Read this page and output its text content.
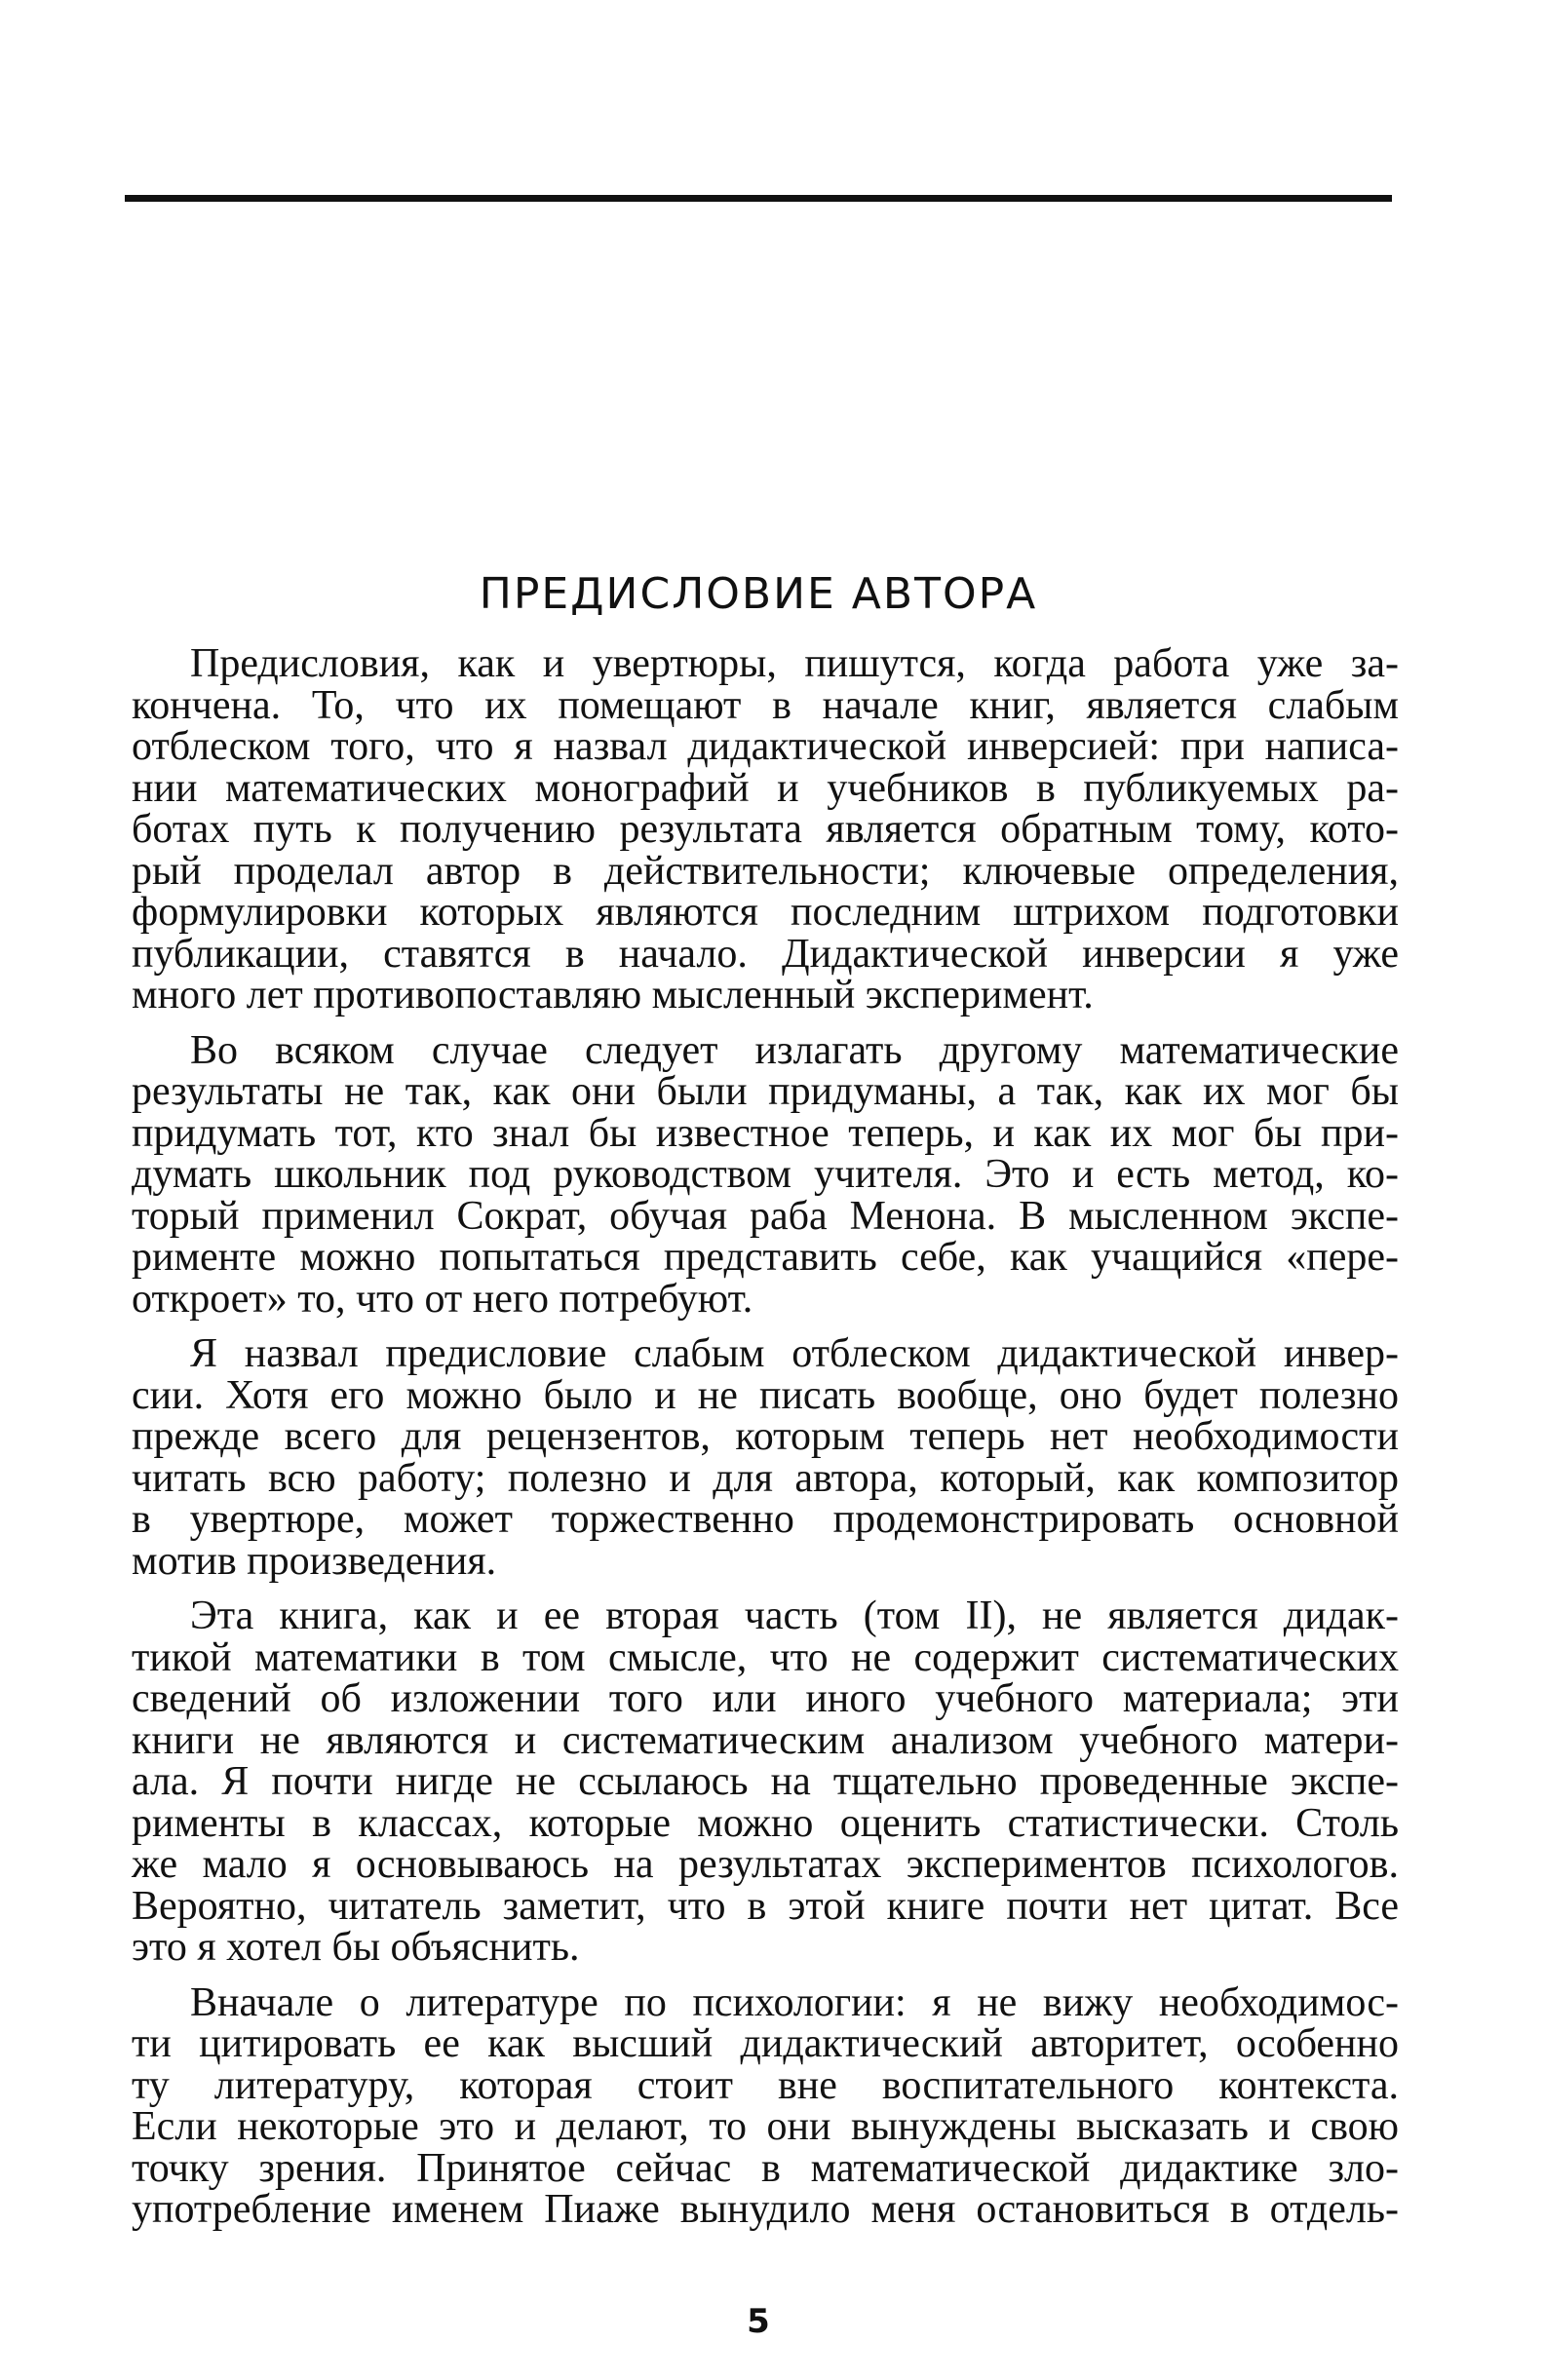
ПРЕДИСЛОВИЕ АВТОРА

Предисловия, как и увертюры, пишутся, когда работа уже за-
кончена. То, что их помещают в начале книг, является слабым
отблеском того, что я назвал дидактической инверсией: при написа-
нии математических монографий и учебников в публикуемых ра-
ботах путь к получению результата является обратным тому, кото-
рый проделал автор в действительности; ключевые определения,
формулировки которых являются последним штрихом подготовки
публикации, ставятся в начало. Дидактической инверсии я уже
много лет противопоставляю мысленный эксперимент.

Во всяком случае следует излагать другому математические
результаты не так, как они были придуманы, а так, как их мог бы
придумать тот, кто знал бы известное теперь, и как их мог бы при-
думать школьник под руководством учителя. Это и есть метод, ко-
торый применил Сократ, обучая раба Менона. В мысленном экспе-
рименте можно попытаться представить себе, как учащийся «пере-
откроет» то, что от него потребуют.

Я назвал предисловие слабым отблеском дидактической инвер-
сии. Хотя его можно было и не писать вообще, оно будет полезно
прежде всего для рецензентов, которым теперь нет необходимости
читать всю работу; полезно и для автора, который, как композитор
в увертюре, может торжественно продемонстрировать основной
мотив произведения.

Эта книга, как и ее вторая часть (том II), не является дидак-
тикой математики в том смысле, что не содержит систематических
сведений об изложении того или иного учебного материала; эти
книги не являются и систематическим анализом учебного матери-
ала. Я почти нигде не ссылаюсь на тщательно проведенные экспе-
рименты в классах, которые можно оценить статистически. Столь
же мало я основываюсь на результатах экспериментов психологов.
Вероятно, читатель заметит, что в этой книге почти нет цитат. Все
это я хотел бы объяснить.

Вначале о литературе по психологии: я не вижу необходимос-
ти цитировать ее как высший дидактический авторитет, особенно
ту литературу, которая стоит вне воспитательного контекста.
Если некоторые это и делают, то они вынуждены высказать и свою
точку зрения. Принятое сейчас в математической дидактике зло-
употребление именем Пиаже вынудило меня остановиться в отдель-

5
